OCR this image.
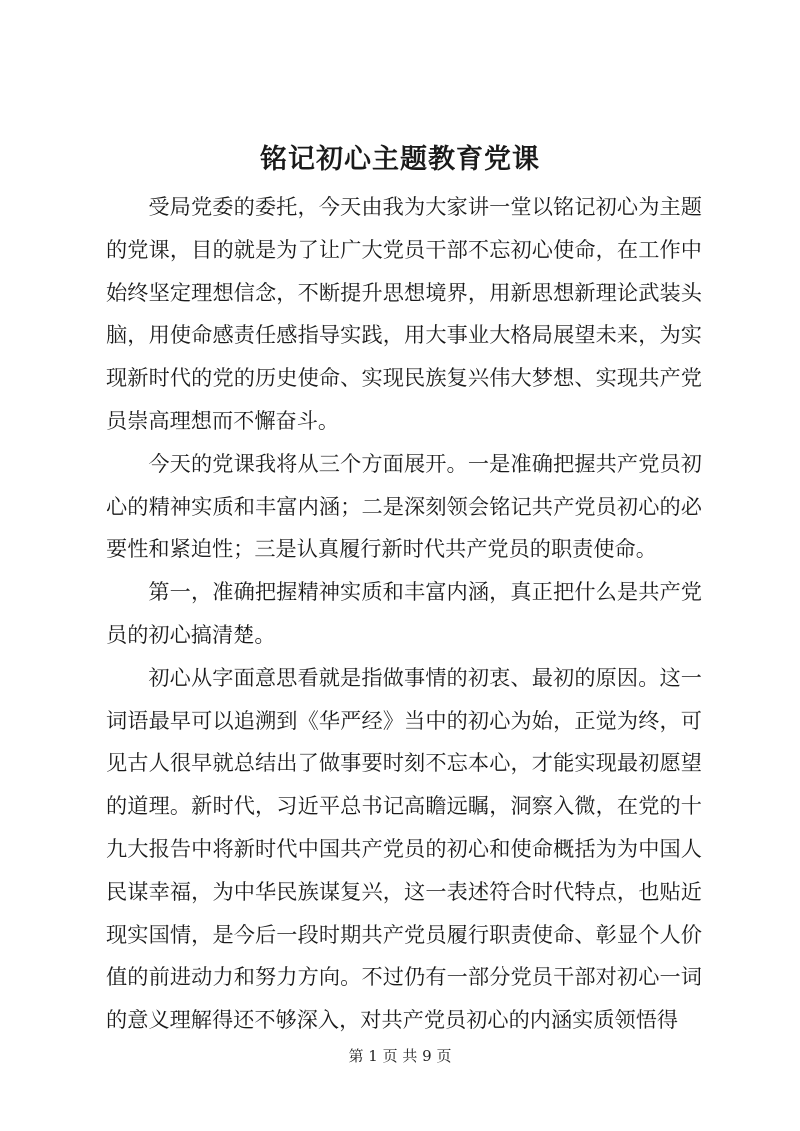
铭记初心主题教育党课

受局党委的委托，今天由我为大家讲一堂以铭记初心为主题的党课，目的就是为了让广大党员干部不忘初心使命，在工作中始终坚定理想信念，不断提升思想境界，用新思想新理论武装头脑，用使命感责任感指导实践，用大事业大格局展望未来，为实现新时代的党的历史使命、实现民族复兴伟大梦想、实现共产党员崇高理想而不懈奋斗。

今天的党课我将从三个方面展开。一是准确把握共产党员初心的精神实质和丰富内涵；二是深刻领会铭记共产党员初心的必要性和紧迫性；三是认真履行新时代共产党员的职责使命。

第一，准确把握精神实质和丰富内涵，真正把什么是共产党员的初心搞清楚。

初心从字面意思看就是指做事情的初衷、最初的原因。这一词语最早可以追溯到《华严经》当中的初心为始，正觉为终，可见古人很早就总结出了做事要时刻不忘本心，才能实现最初愿望的道理。新时代，习近平总书记高瞻远瞩，洞察入微，在党的十九大报告中将新时代中国共产党员的初心和使命概括为为中国人民谋幸福，为中华民族谋复兴，这一表述符合时代特点，也贴近现实国情，是今后一段时期共产党员履行职责使命、彰显个人价值的前进动力和努力方向。不过仍有一部分党员干部对初心一词的意义理解得还不够深入，对共产党员初心的内涵实质领悟得

第 1 页 共 9 页
